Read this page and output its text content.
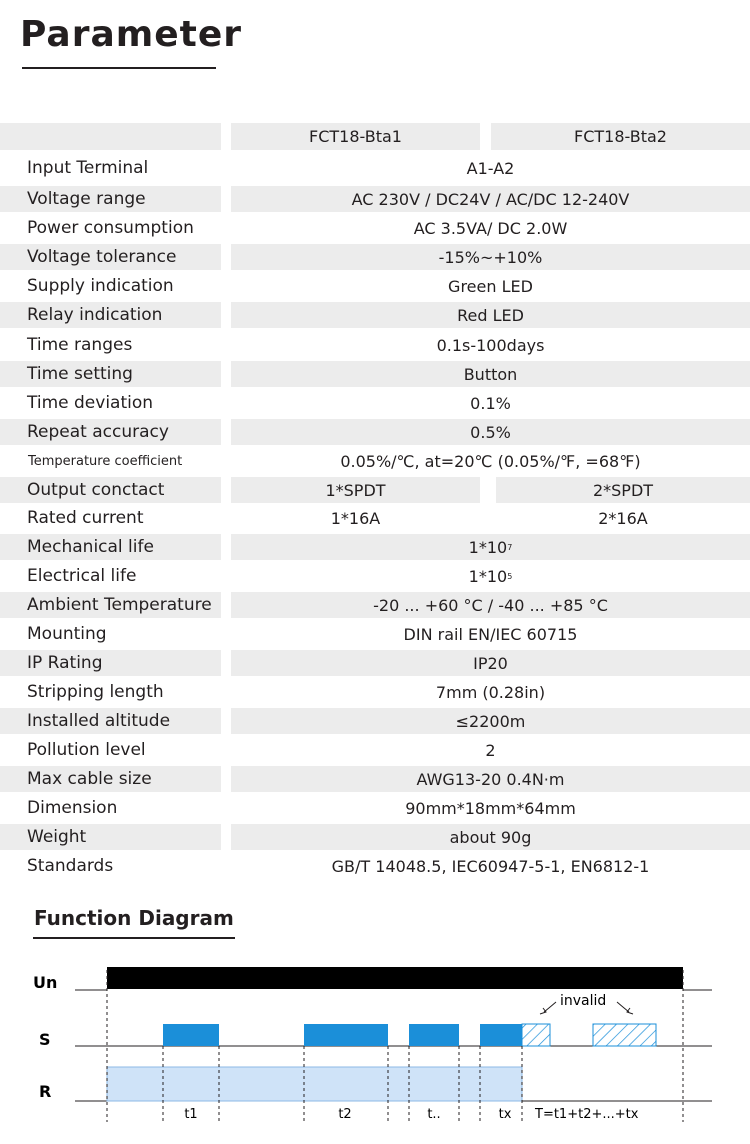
Parameter
FCT18-Bta1	FCT18-Bta2
Input Terminal	A1-A2
Voltage range	AC 230V / DC24V / AC/DC 12-240V
Power consumption	AC 3.5VA/ DC 2.0W
Voltage tolerance	-15%~+10%
Supply indication	Green LED
Relay indication	Red LED
Time ranges	0.1s-100days
Time setting	Button
Time deviation	0.1%
Repeat accuracy	0.5%
Temperature coefficient	0.05%/℃, at=20℃ (0.05%/℉, =68℉)
Output conctact	1*SPDT	2*SPDT
Rated current	1*16A	2*16A
Mechanical life	1*10 7
Electrical life	1*10 5
Ambient Temperature	-20 ... +60 °C / -40 ... +85 °C
Mounting	DIN rail EN/IEC 60715
IP Rating	IP20
Stripping length	7mm (0.28in)
Installed altitude	≤2200m
Pollution level	2
Max cable size	AWG13-20 0.4N·m
Dimension	90mm*18mm*64mm
Weight	about 90g
Standards	GB/T 14048.5, IEC60947-5-1, EN6812-1
Function Diagram
Un
S
R
invalid
t1	t2	t..	tx T=t1+t2+...+tx
